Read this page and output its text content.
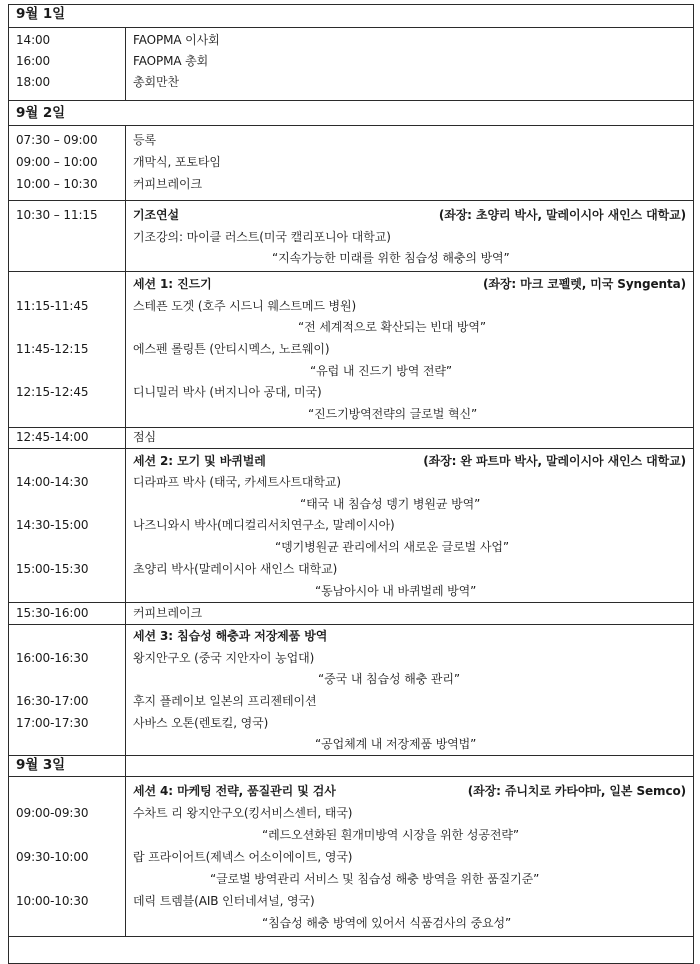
9월 1일
14:00	FAOPMA 이사회
16:00	FAOPMA 총회
18:00	총회만찬
9월 2일
07:30 – 09:00	등록
09:00 – 10:00	개막식, 포토타임
10:00 – 10:30	커피브레이크
10:30 – 11:15	기조연설	(좌장: 초양리 박사, 말레이시아 새인스 대학교)
기조강의: 마이클 러스트(미국 캘리포니아 대학교)
“지속가능한 미래를 위한 침습성 해충의 방역”
세션 1: 진드기	(좌장: 마크 코펠렛, 미국 Syngenta)
11:15-11:45	스테픈 도겟 (호주 시드니 웨스트메드 병원)
“전 세계적으로 확산되는 빈대 방역”
11:45-12:15	에스펜 롤링튼 (안티시멕스, 노르웨이)
“유럽 내 진드기 방역 전략”
12:15-12:45	디니밀러 박사 (버지니아 공대, 미국)
“진드기방역전략의 글로벌 혁신”
12:45-14:00	점심
세션 2: 모기 및 바퀴벌레	(좌장: 완 파트마 박사, 말레이시아 새인스 대학교)
14:00-14:30	디라파프 박사 (태국, 카세트사트대학교)
“태국 내 침습성 뎅기 병원균 방역”
14:30-15:00	나즈니와시 박사(메디컬리서치연구소, 말레이시아)
“뎅기병원균 관리에서의 새로운 글로벌 사업”
15:00-15:30	초양리 박사(말레이시아 새인스 대학교)
“동남아시아 내 바퀴벌레 방역”
15:30-16:00	커피브레이크
세션 3: 침습성 해충과 저장제품 방역
16:00-16:30	왕지안구오 (중국 지안자이 농업대)
“중국 내 침습성 해충 관리”
16:30-17:00	후지 플레이보 일본의 프리젠테이션
17:00-17:30	사바스 오톤(렌토킬, 영국)
“공업체계 내 저장제품 방역법”
9월 3일
세션 4: 마케팅 전략, 품질관리 및 검사	(좌장: 쥬니치로 카타야마, 일본 Semco)
09:00-09:30	수차트 리 왕지안구오(킹서비스센터, 태국)
“레드오션화된 흰개미방역 시장을 위한 성공전략”
09:30-10:00	랍 프라이어트(제넥스 어소이에이트, 영국)
“글로벌 방역관리 서비스 및 침습성 해충 방역을 위한 품질기준”
10:00-10:30	데릭 트렘블(AIB 인터네셔널, 영국)
“침습성 해충 방역에 있어서 식품검사의 중요성”
